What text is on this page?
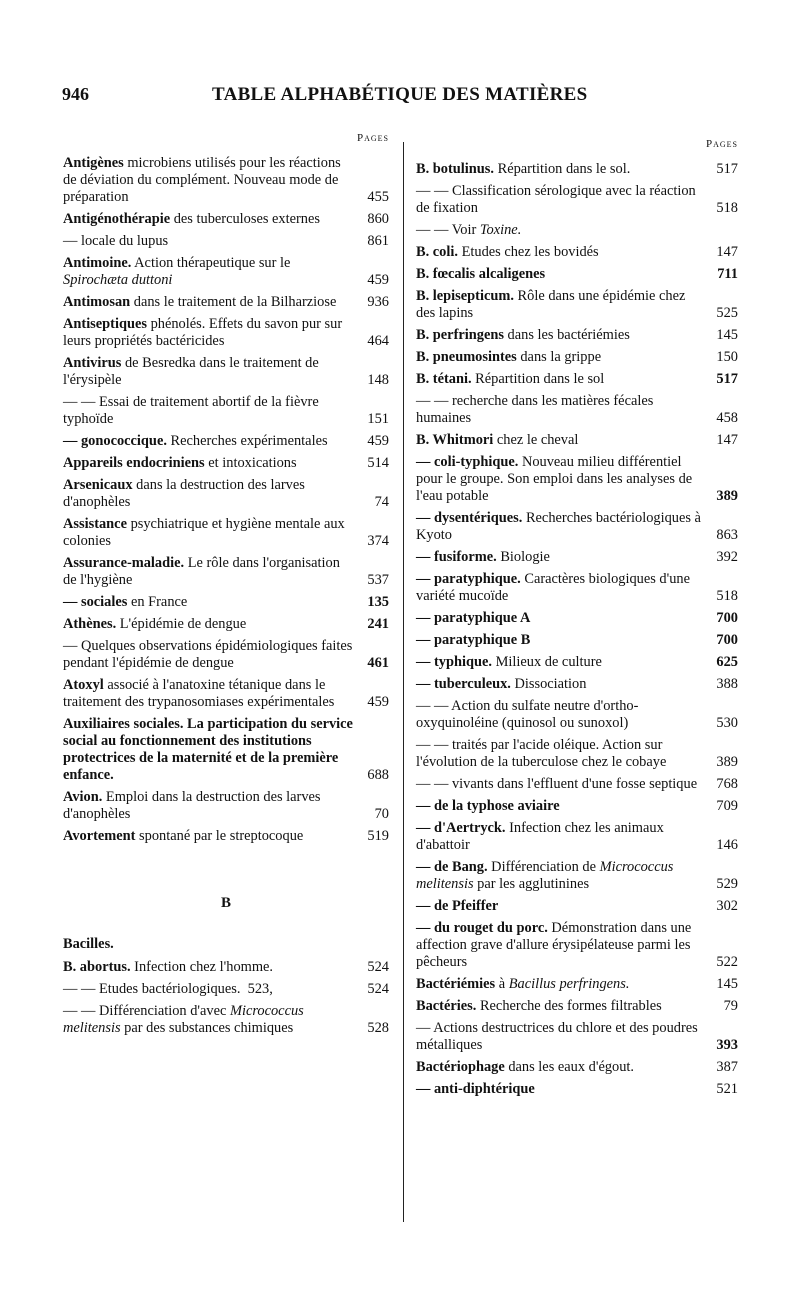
946	TABLE ALPHABÉTIQUE DES MATIÈRES
Pages
Antigènes microbiens utilisés pour les réactions de déviation du complément. Nouveau mode de préparation	455
Antigénothérapie des tuberculoses externes	860
— locale du lupus	861
Antimoine. Action thérapeutique sur le Spirochæta duttoni	459
Antimosan dans le traitement de la Bilharziose	936
Antiseptiques phénolés. Effets du savon pur sur leurs propriétés bactéricides	464
Antivirus de Besredka dans le traitement de l'érysipèle	148
— — Essai de traitement abortif de la fièvre typhoïde	151
— gonococcique. Recherches expérimentales	459
Appareils endocriniens et intoxications	514
Arsenicaux dans la destruction des larves d'anophèles	74
Assistance psychiatrique et hygiène mentale aux colonies	374
Assurance-maladie. Le rôle dans l'organisation de l'hygiène	537
— sociales en France	135
Athènes. L'épidémie de dengue	241
— Quelques observations épidémiologiques faites pendant l'épidémie de dengue	461
Atoxyl associé à l'anatoxine tétanique dans le traitement des trypanosomiases expérimentales	459
Auxiliaires sociales. La participation du service social au fonctionnement des institutions protectrices de la maternité et de la première enfance.	688
Avion. Emploi dans la destruction des larves d'anophèles	70
Avortement spontané par le streptocoque	519
B
Bacilles.
B. abortus. Infection chez l'homme.	524
— — Etudes bactériologiques.  523,	524
— — Différenciation d'avec Micrococcus melitensis par des substances chimiques	528
Pages
B. botulinus. Répartition dans le sol.	517
— — Classification sérologique avec la réaction de fixation	518
— — Voir Toxine.
B. coli. Etudes chez les bovidés	147
B. fœcalis alcaligenes	711
B. lepisepticum. Rôle dans une épidémie chez des lapins	525
B. perfringens dans les bactériémies	145
B. pneumosintes dans la grippe	150
B. tétani. Répartition dans le sol	517
— — recherche dans les matières fécales humaines	458
B. Whitmori chez le cheval	147
— coli-typhique. Nouveau milieu différentiel pour le groupe. Son emploi dans les analyses de l'eau potable	389
— dysentériques. Recherches bactériologiques à Kyoto	863
— fusiforme. Biologie	392
— paratyphique. Caractères biologiques d'une variété mucoïde	518
— paratyphique A	700
— paratyphique B	700
— typhique. Milieux de culture	625
— tuberculeux. Dissociation	388
— — Action du sulfate neutre d'ortho-oxyquinoléine (quinosol ou sunoxol)	530
— — traités par l'acide oléique. Action sur l'évolution de la tuberculose chez le cobaye	389
— — vivants dans l'effluent d'une fosse septique	768
— de la typhose aviaire	709
— d'Aertryck. Infection chez les animaux d'abattoir	146
— de Bang. Différenciation de Micrococcus melitensis par les agglutinines	529
— de Pfeiffer	302
— du rouget du porc. Démonstration dans une affection grave d'allure érysipélateuse parmi les pêcheurs	522
Bactériémies à Bacillus perfringens.	145
Bactéries. Recherche des formes filtrables	79
— Actions destructrices du chlore et des poudres métalliques	393
Bactériophage dans les eaux d'égout.	387
— anti-diphtérique	521
